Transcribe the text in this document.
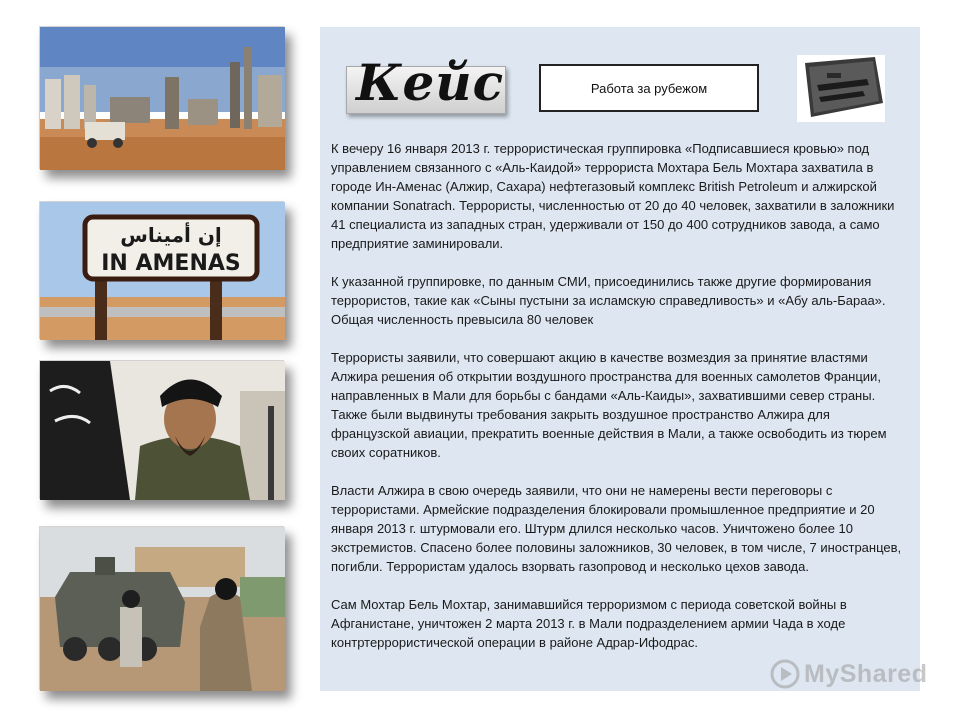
إن أميناس
IN AMENAS
Кейс	Работа за рубежом

К вечеру 16 января 2013 г. террористическая группировка «Подписавшиеся кровью» под управлением связанного с «Аль-Каидой» террориста Мохтара Бель Мохтара захватила в городе Ин-Аменас (Алжир, Сахара) нефтегазовый комплекс British Petroleum и алжирской компании Sonatrach. Террористы, численностью от 20 до 40 человек, захватили в заложники 41 специалиста из западных стран, удерживали от 150 до 400 сотрудников завода, а само предприятие заминировали.

К указанной группировке, по данным СМИ, присоединились также другие формирования террористов, такие как «Сыны пустыни за исламскую справедливость» и «Абу аль-Бараа». Общая численность превысила 80 человек

Террористы заявили, что совершают акцию в качестве возмездия за принятие властями Алжира решения об открытии воздушного пространства для военных самолетов Франции, направленных в Мали для борьбы с бандами «Аль-Каиды», захватившими север страны. Также были выдвинуты требования закрыть воздушное пространство Алжира для французской авиации, прекратить военные действия в Мали, а также освободить из тюрем своих соратников.

Власти Алжира в свою очередь заявили, что они не намерены вести переговоры с террористами. Армейские подразделения блокировали промышленное предприятие и 20 января 2013 г. штурмовали его. Штурм длился несколько часов. Уничтожено более 10 экстремистов. Спасено более половины заложников, 30 человек, в том числе, 7 иностранцев, погибли. Террористам удалось взорвать газопровод и несколько цехов завода.

Сам Мохтар Бель Мохтар, занимавшийся терроризмом с периода советской войны в Афганистане, уничтожен 2 марта 2013 г. в Мали подразделением армии Чада в ходе контртеррористической операции в районе Адрар-Ифодрас.

MyShared
